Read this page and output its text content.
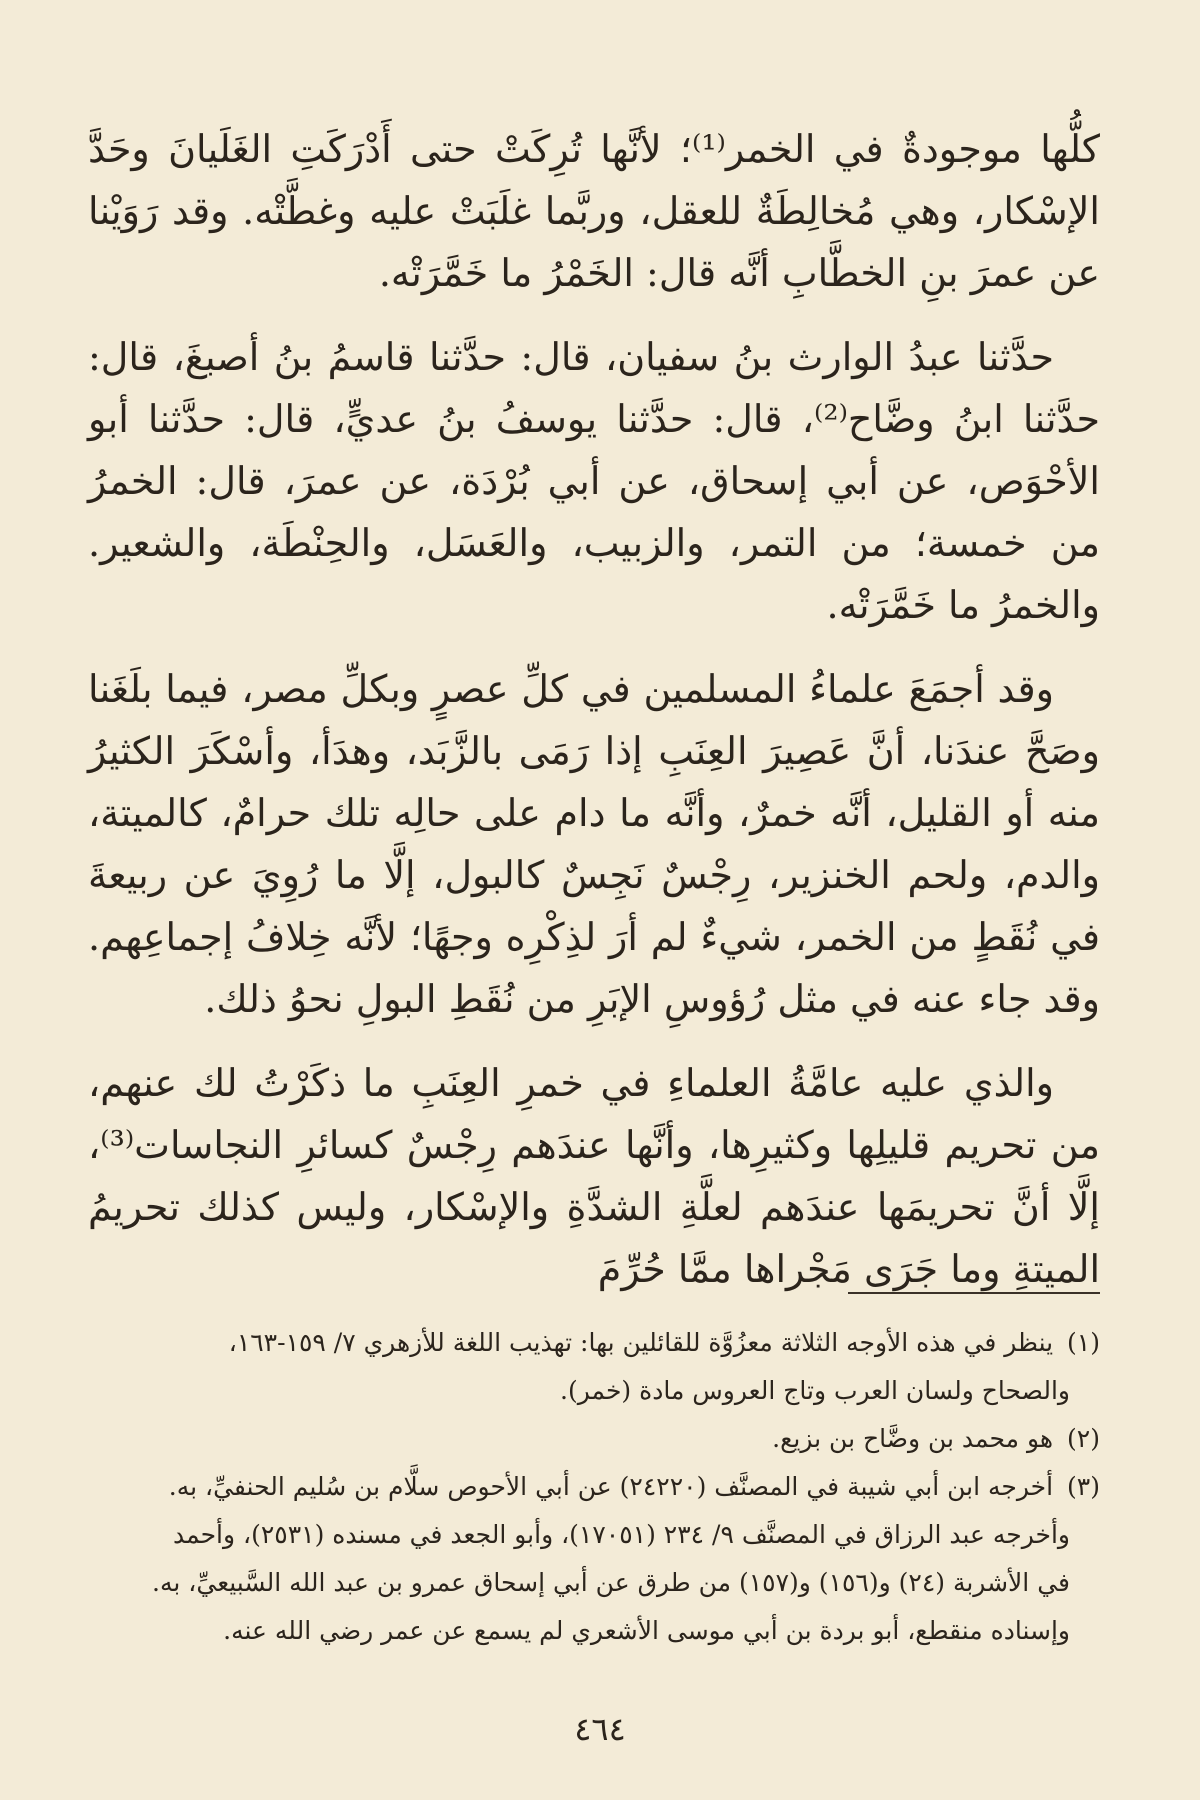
كلُّها موجودةٌ في الخمر⁽¹⁾؛ لأنَّها تُرِكَتْ حتى أَدْرَكَتِ الغَلَيانَ وحَدَّ الإسْكار، وهي مُخالِطَةٌ للعقل، وربَّما غلَبَتْ عليه وغطَّتْه. وقد رَوَيْنا عن عمرَ بنِ الخطَّابِ أنَّه قال: الخَمْرُ ما خَمَّرَتْه.

حدَّثنا عبدُ الوارث بنُ سفيان، قال: حدَّثنا قاسمُ بنُ أصبغَ، قال: حدَّثنا ابنُ وضَّاح⁽²⁾، قال: حدَّثنا يوسفُ بنُ عديٍّ، قال: حدَّثنا أبو الأحْوَص، عن أبي إسحاق، عن أبي بُرْدَة، عن عمرَ، قال: الخمرُ من خمسة؛ من التمر، والزبيب، والعَسَل، والحِنْطَة، والشعير. والخمرُ ما خَمَّرَتْه.

وقد أجمَعَ علماءُ المسلمين في كلِّ عصرٍ وبكلِّ مصر، فيما بلَغَنا وصَحَّ عندَنا، أنَّ عَصِيرَ العِنَبِ إذا رَمَى بالزَّبَد، وهدَأ، وأسْكَرَ الكثيرُ منه أو القليل، أنَّه خمرٌ، وأنَّه ما دام على حالِه تلك حرامٌ، كالميتة، والدم، ولحم الخنزير، رِجْسٌ نَجِسٌ كالبول، إلَّا ما رُوِيَ عن ربيعةَ في نُقَطٍ من الخمر، شيءٌ لم أرَ لذِكْرِه وجهًا؛ لأنَّه خِلافُ إجماعِهم. وقد جاء عنه في مثل رُؤوسِ الإبَرِ من نُقَطِ البولِ نحوُ ذلك.

والذي عليه عامَّةُ العلماءِ في خمرِ العِنَبِ ما ذكَرْتُ لك عنهم، من تحريم قليلِها وكثيرِها، وأنَّها عندَهم رِجْسٌ كسائرِ النجاسات⁽³⁾، إلَّا أنَّ تحريمَها عندَهم لعلَّةِ الشدَّةِ والإسْكار، وليس كذلك تحريمُ الميتةِ وما جَرَى مَجْراها ممَّا حُرِّمَ

(١) ينظر في هذه الأوجه الثلاثة معزُوَّة للقائلين بها: تهذيب اللغة للأزهري ٧/ ١٥٩-١٦٣،
والصحاح ولسان العرب وتاج العروس مادة (خمر).
(٢) هو محمد بن وضَّاح بن بزيع.
(٣) أخرجه ابن أبي شيبة في المصنَّف (٢٤٢٢٠) عن أبي الأحوص سلَّام بن سُليم الحنفيِّ، به.
وأخرجه عبد الرزاق في المصنَّف ٩/ ٢٣٤ (١٧٠٥١)، وأبو الجعد في مسنده (٢٥٣١)، وأحمد
في الأشربة (٢٤) و(١٥٦) و(١٥٧) من طرق عن أبي إسحاق عمرو بن عبد الله السَّبيعيِّ، به.
وإسناده منقطع، أبو بردة بن أبي موسى الأشعري لم يسمع عن عمر رضي الله عنه.
٤٦٤
